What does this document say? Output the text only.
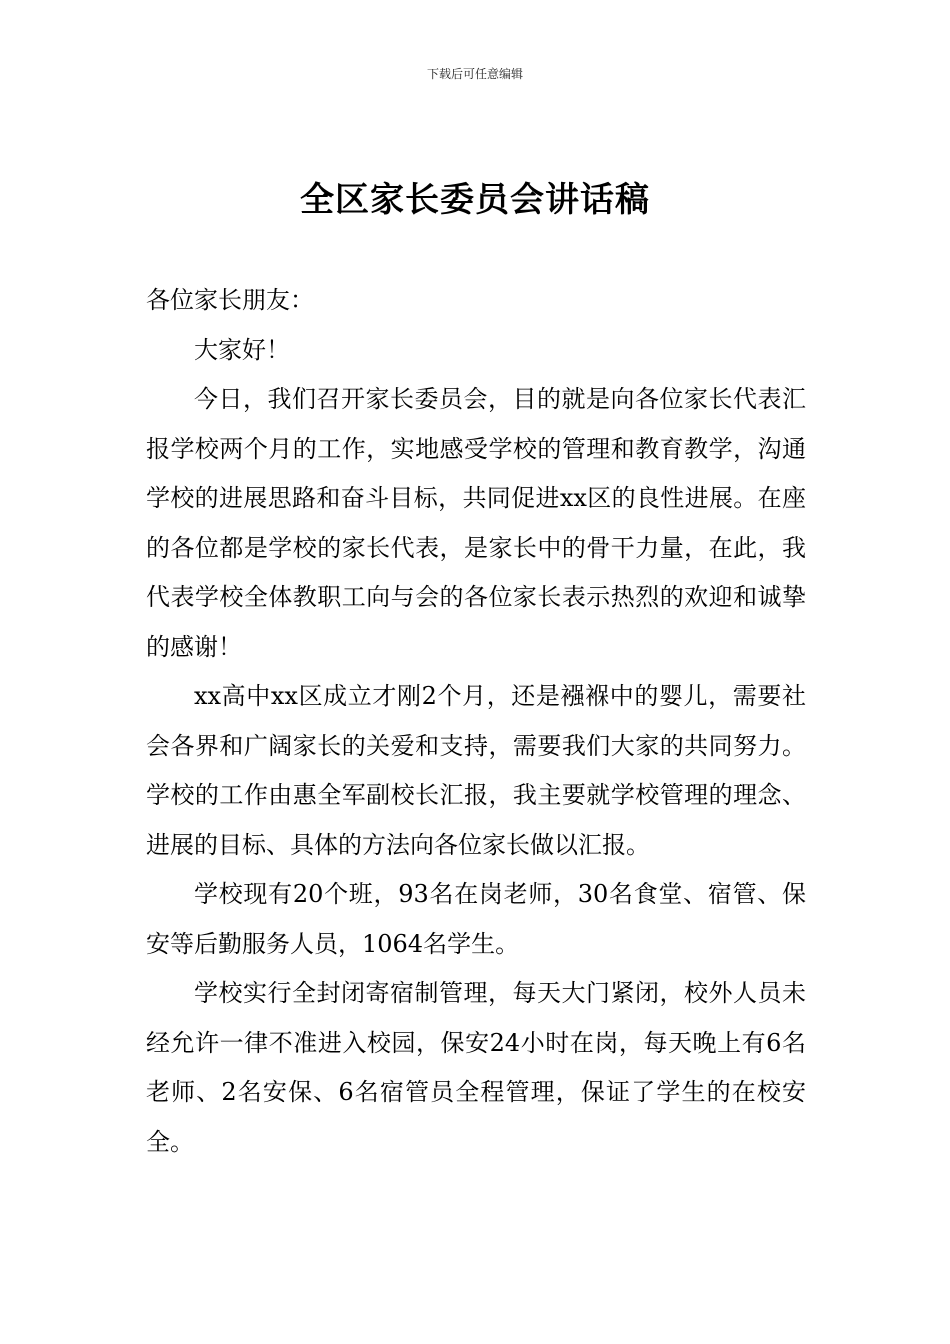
下载后可任意编辑
全区家长委员会讲话稿

各位家长朋友：

大家好！

今日，我们召开家长委员会，目的就是向各位家长代表汇报学校两个月的工作，实地感受学校的管理和教育教学，沟通学校的进展思路和奋斗目标，共同促进xx区的良性进展。在座的各位都是学校的家长代表，是家长中的骨干力量，在此，我代表学校全体教职工向与会的各位家长表示热烈的欢迎和诚挚的感谢！

xx高中xx区成立才刚2个月，还是襁褓中的婴儿，需要社会各界和广阔家长的关爱和支持，需要我们大家的共同努力。学校的工作由惠全军副校长汇报，我主要就学校管理的理念、进展的目标、具体的方法向各位家长做以汇报。

学校现有20个班，93名在岗老师，30名食堂、宿管、保安等后勤服务人员，1064名学生。

学校实行全封闭寄宿制管理，每天大门紧闭，校外人员未经允许一律不准进入校园，保安24小时在岗，每天晚上有6名老师、2名安保、6名宿管员全程管理，保证了学生的在校安全。
